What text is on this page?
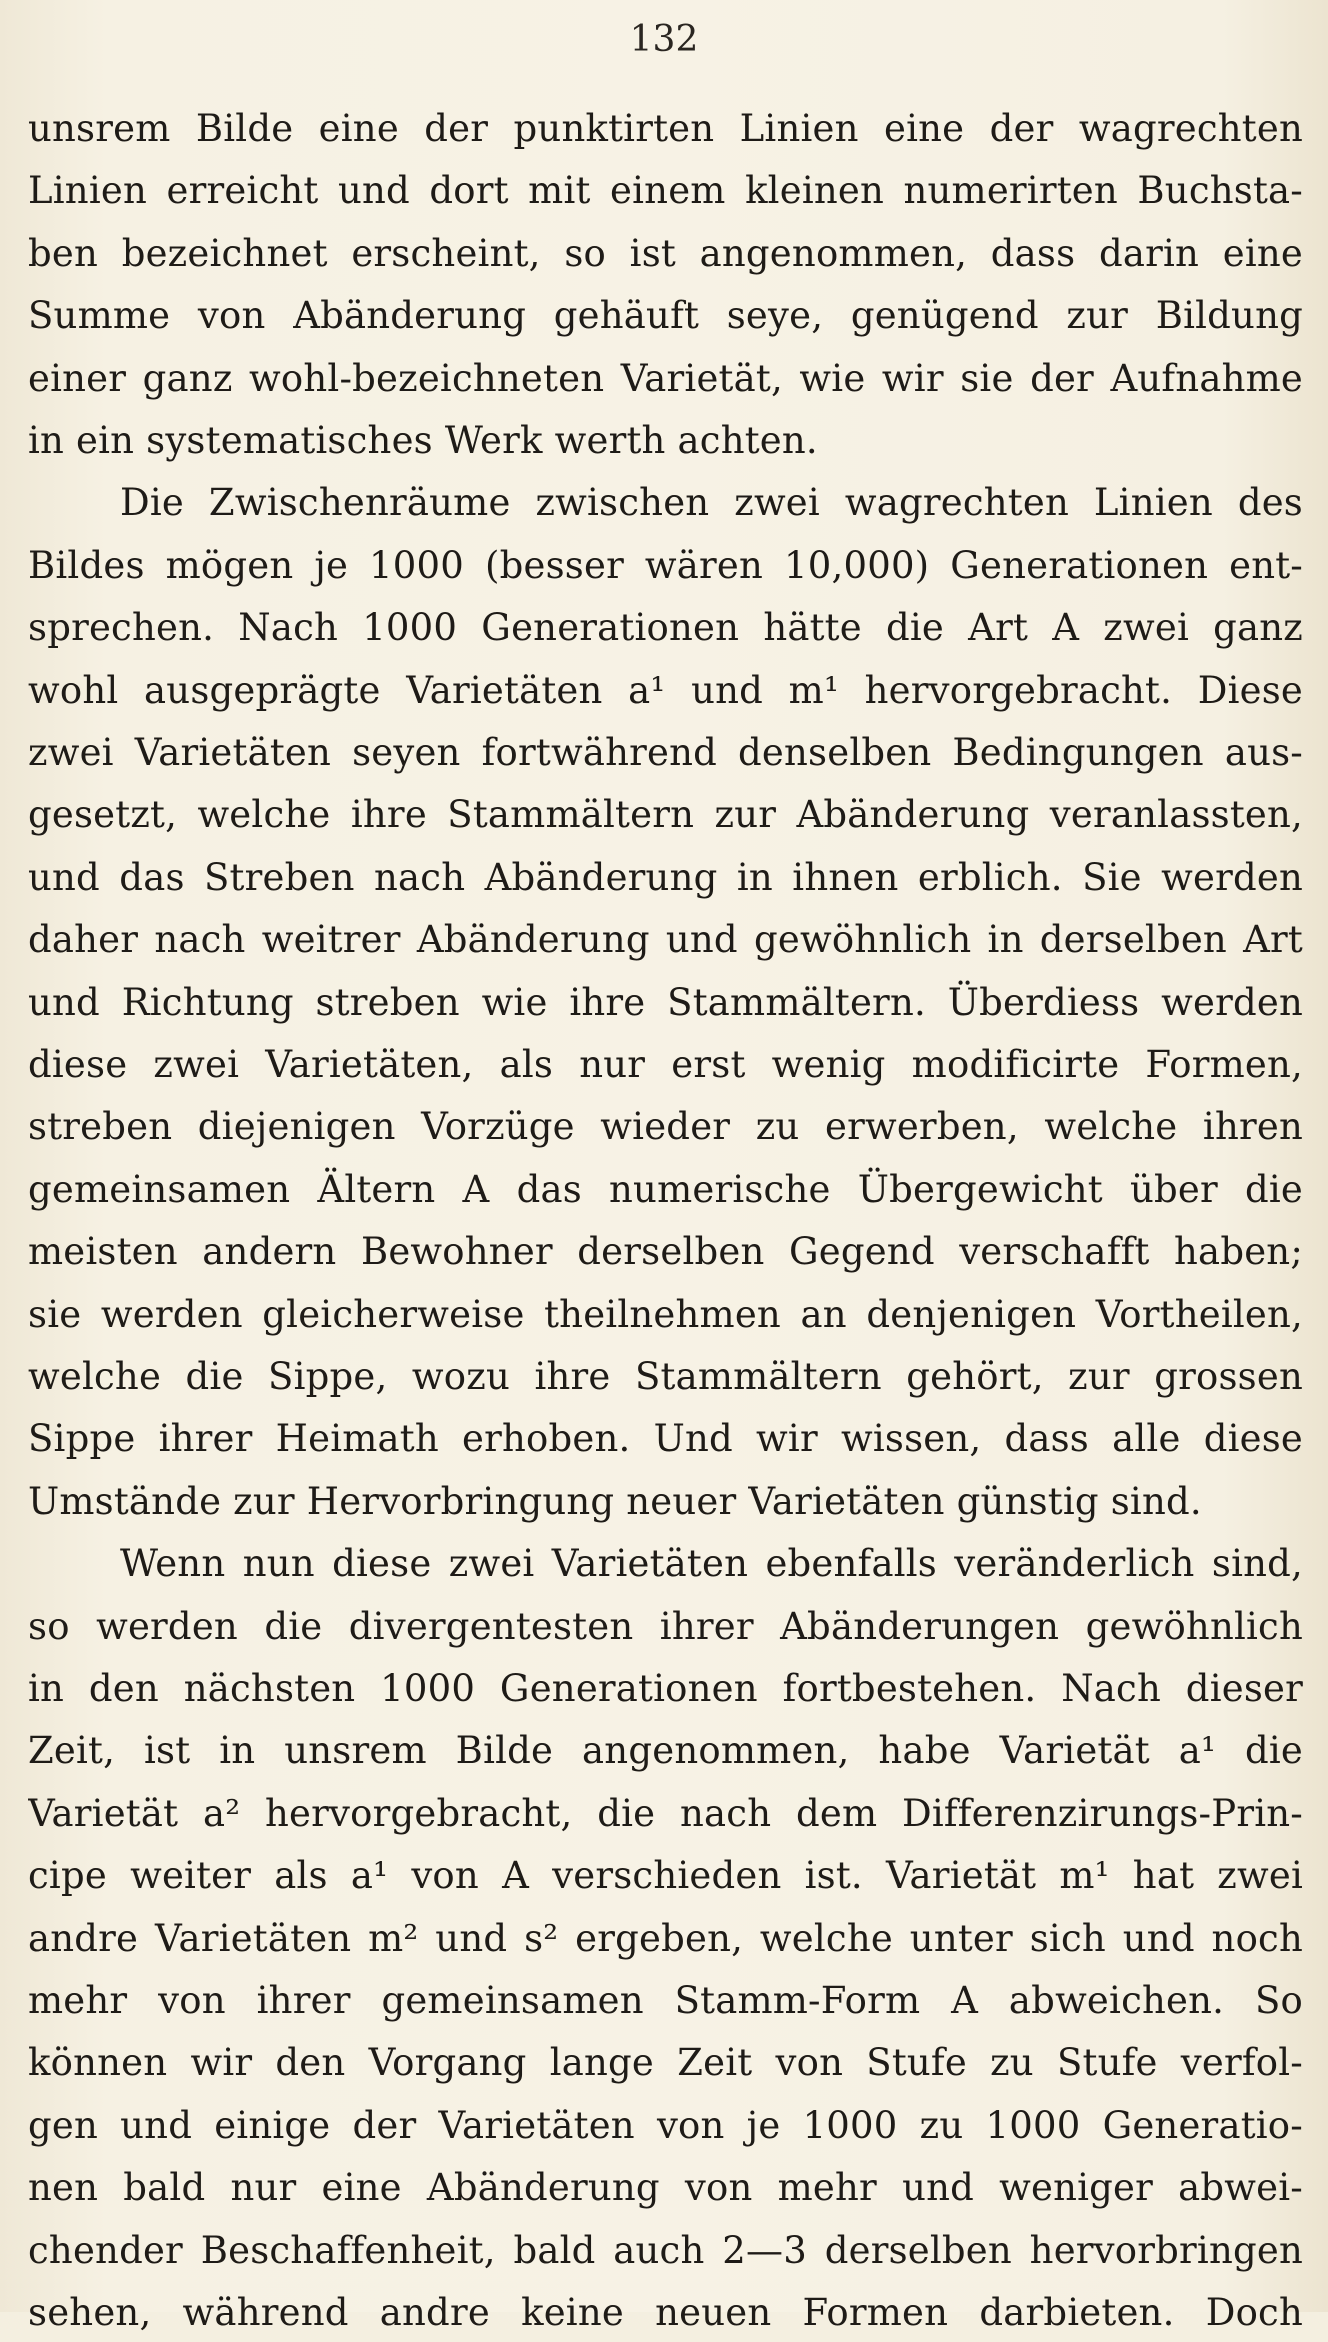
132
unsrem Bilde eine der punktirten Linien eine der wagrechten
Linien erreicht und dort mit einem kleinen numerirten Buchsta-
ben bezeichnet erscheint, so ist angenommen, dass darin eine
Summe von Abänderung gehäuft seye, genügend zur Bildung
einer ganz wohl-bezeichneten Varietät, wie wir sie der Aufnahme
in ein systematisches Werk werth achten.
Die Zwischenräume zwischen zwei wagrechten Linien des
Bildes mögen je 1000 (besser wären 10,000) Generationen ent-
sprechen. Nach 1000 Generationen hätte die Art A zwei ganz
wohl ausgeprägte Varietäten a¹ und m¹ hervorgebracht. Diese
zwei Varietäten seyen fortwährend denselben Bedingungen aus-
gesetzt, welche ihre Stammältern zur Abänderung veranlassten,
und das Streben nach Abänderung in ihnen erblich. Sie werden
daher nach weitrer Abänderung und gewöhnlich in derselben Art
und Richtung streben wie ihre Stammältern. Überdiess werden
diese zwei Varietäten, als nur erst wenig modificirte Formen,
streben diejenigen Vorzüge wieder zu erwerben, welche ihren
gemeinsamen Ältern A das numerische Übergewicht über die
meisten andern Bewohner derselben Gegend verschafft haben;
sie werden gleicherweise theilnehmen an denjenigen Vortheilen,
welche die Sippe, wozu ihre Stammältern gehört, zur grossen
Sippe ihrer Heimath erhoben. Und wir wissen, dass alle diese
Umstände zur Hervorbringung neuer Varietäten günstig sind.
Wenn nun diese zwei Varietäten ebenfalls veränderlich sind,
so werden die divergentesten ihrer Abänderungen gewöhnlich
in den nächsten 1000 Generationen fortbestehen. Nach dieser
Zeit, ist in unsrem Bilde angenommen, habe Varietät a¹ die
Varietät a² hervorgebracht, die nach dem Differenzirungs-Prin-
cipe weiter als a¹ von A verschieden ist. Varietät m¹ hat zwei
andre Varietäten m² und s² ergeben, welche unter sich und noch
mehr von ihrer gemeinsamen Stamm-Form A abweichen. So
können wir den Vorgang lange Zeit von Stufe zu Stufe verfol-
gen und einige der Varietäten von je 1000 zu 1000 Generatio-
nen bald nur eine Abänderung von mehr und weniger abwei-
chender Beschaffenheit, bald auch 2—3 derselben hervorbringen
sehen, während andre keine neuen Formen darbieten. Doch
